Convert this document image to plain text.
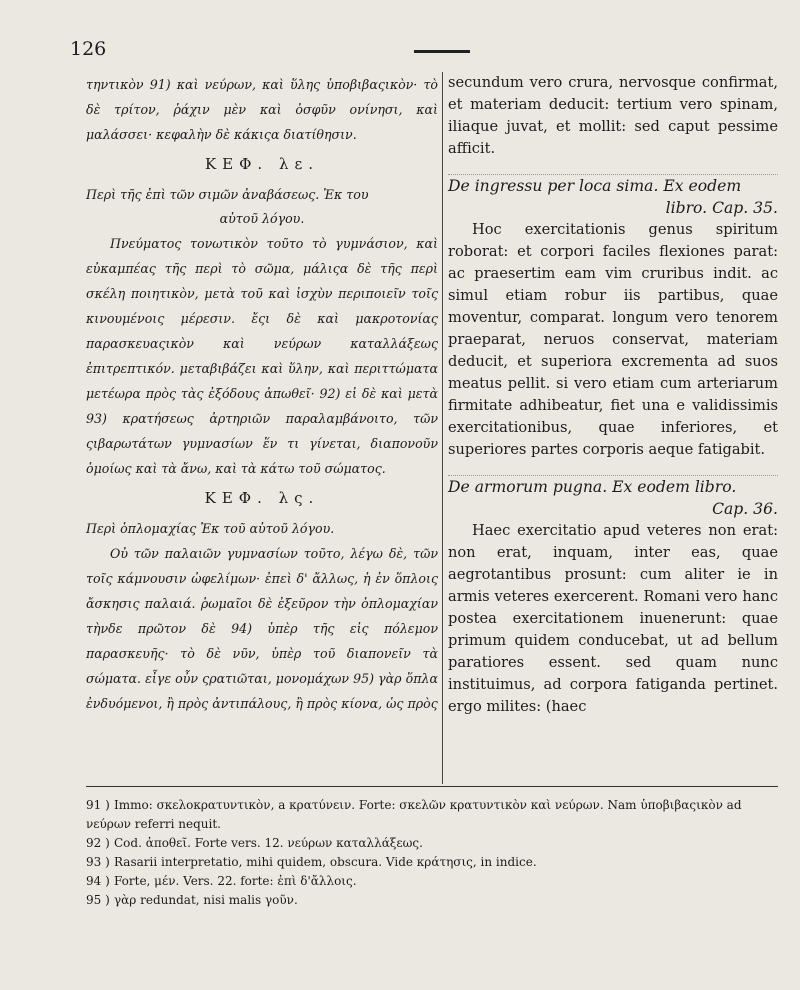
126

τηντικὸν 91) καὶ νεύρων, καὶ ὕλης ὑποβιβαςικὸν· τὸ δὲ τρίτον, ῥάχιν μὲν καὶ ὀσφῦν ονίνησι, καὶ μαλάσσει· κεφαλὴν δὲ κάκιςα διατίθησιν.

ΚΕΦ. λε.

Περὶ τῆς ἐπὶ τῶν σιμῶν ἀναβάσεως. Ἐκ του
αὐτοῦ λόγου.

Πνεύματος τονωτικὸν τοῦτο τὸ γυμνάσιον, καὶ εὐκαμπέας τῆς περὶ τὸ σῶμα, μάλιςα δὲ τῆς περὶ σκέλη ποιητικὸν, μετὰ τοῦ καὶ ἰσχὺν περιποιεῖν τοῖς κινουμένοις μέρεσιν. ἔςι δὲ καὶ μακροτονίας παρασκευαςικὸν καὶ νεύρων καταλλάξεως ἐπιτρεπτικόν. μεταβιβάζει καὶ ὕλην, καὶ περιττώματα μετέωρα πρὸς τὰς ἐξόδους ἀπωθεῖ· 92) εἰ δὲ καὶ μετὰ 93) κρατήσεως ἀρτηριῶν παραλαμβάνοιτο, τῶν ςιβαρωτάτων γυμνασίων ἕν τι γίνεται, διαπονοῦν ὁμοίως καὶ τὰ ἄνω, καὶ τὰ κάτω τοῦ σώματος.

ΚΕΦ. λς.

Περὶ ὁπλομαχίας Ἐκ τοῦ αὐτοῦ λόγου.

Οὐ τῶν παλαιῶν γυμνασίων τοῦτο, λέγω δὲ, τῶν τοῖς κάμνουσιν ὠφελίμων· ἐπεὶ δ' ἄλλως, ἡ ἐν ὅπλοις ἄσκησις παλαιά. ῥωμαῖοι δὲ ἐξεῦρον τὴν ὁπλομαχίαν τὴνδε πρῶτον δὲ 94) ὑπὲρ τῆς εἰς πόλεμον παρασκευῆς· τὸ δὲ νῦν, ὑπὲρ τοῦ διαπονεῖν τὰ σώματα. εἶγε οὖν ςρατιῶται, μονομάχων 95) γὰρ ὅπλα ἐνδυόμενοι, ἢ πρὸς ἀντιπάλους, ἢ πρὸς κίονα, ὡς πρὸς

secundum vero crura, nervosque confirmat, et materiam deducit: tertium vero spinam, iliaque juvat, et mollit: sed caput pessime afficit.

De ingressu per loca sima. Ex eodem
libro. Cap. 35.

Hoc exercitationis genus spiritum roborat: et corpori faciles flexiones parat: ac praesertim eam vim cruribus indit. ac simul etiam robur iis partibus, quae moventur, comparat. longum vero tenorem praeparat, neruos conservat, materiam deducit, et superiora excrementa ad suos meatus pellit. si vero etiam cum arteriarum firmitate adhibeatur, fiet una e validissimis exercitationibus, quae inferiores, et superiores partes corporis aeque fatigabit.

De armorum pugna. Ex eodem libro.
Cap. 36.

Haec exercitatio apud veteres non erat: non erat, inquam, inter eas, quae aegrotantibus prosunt: cum aliter ie in armis veteres exercerent. Romani vero hanc postea exercitationem inuenerunt: quae primum quidem conducebat, ut ad bellum paratiores essent. sed quam nunc instituimus, ad corpora fatiganda pertinet. ergo milites: (haec

91 ) Immo: σκελοκρατυντικὸν, a κρατύνειν. Forte: σκελῶν κρατυντικὸν καὶ νεύρων. Nam ὑποβιβαςικὸν ad νεύρων referri nequit.

92 ) Cod. ἀποθεῖ. Forte vers. 12. νεύρων καταλλάξεως.

93 ) Rasarii interpretatio, mihi quidem, obscura. Vide κράτησις, in indice.

94 ) Forte, μέν. Vers. 22. forte: ἐπὶ δ'ἄλλοις.

95 ) γὰρ redundat, nisi malis γοῦν.
